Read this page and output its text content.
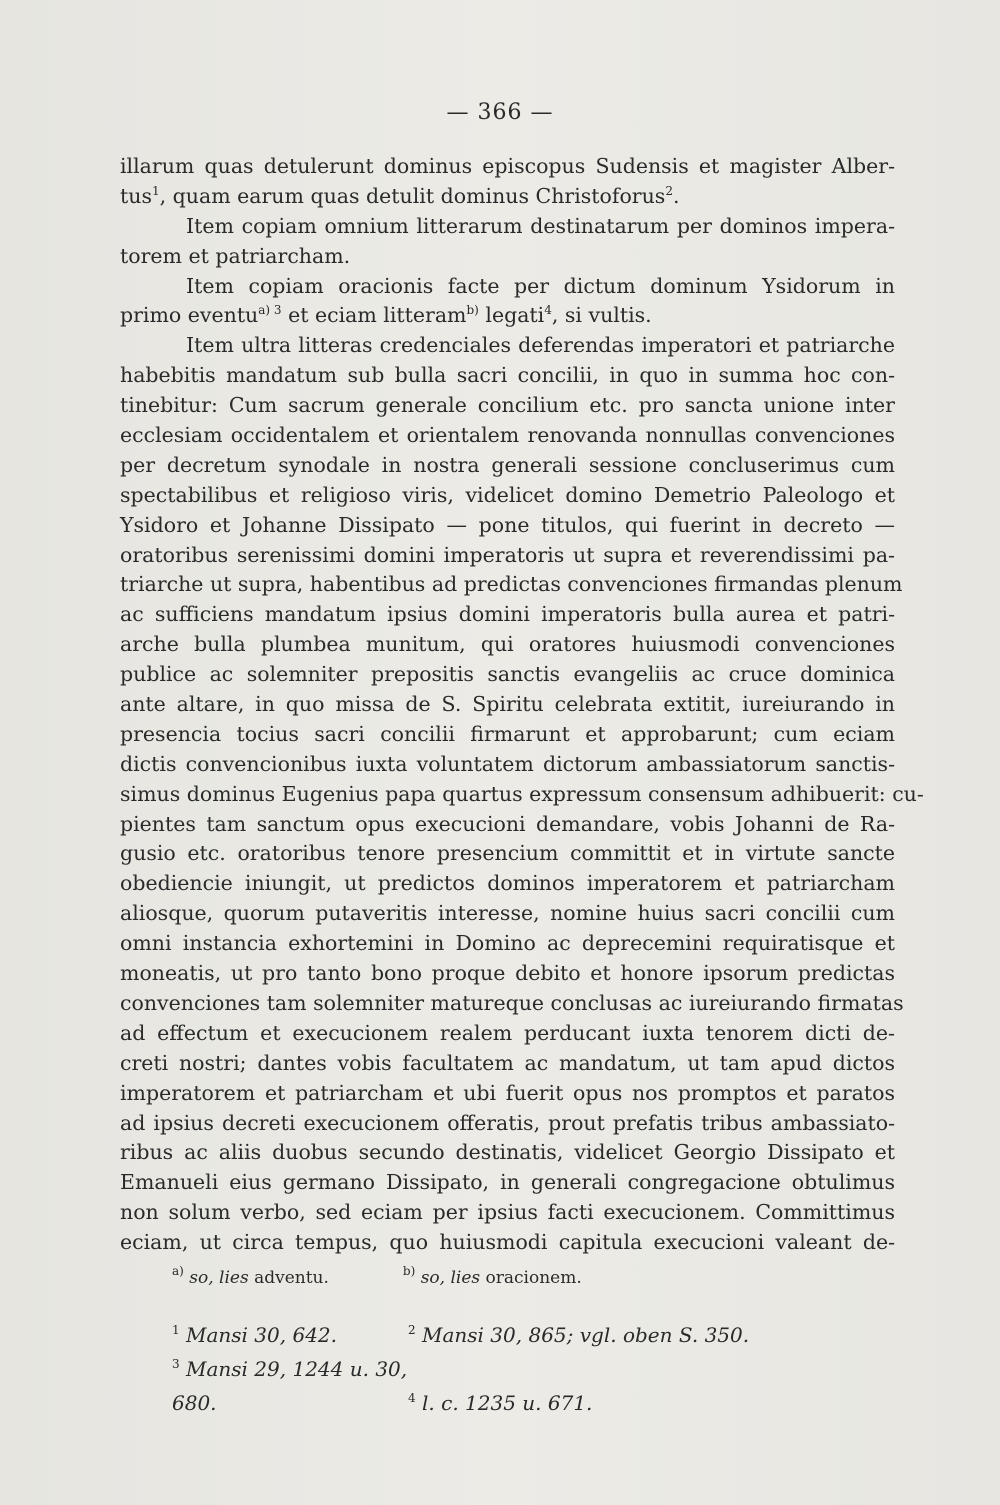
— 366 —
illarum quas detulerunt dominus episcopus Sudensis et magister Alber-
tus$^1$, quam earum quas detulit dominus Christoforus$^2$.
Item copiam omnium litterarum destinatarum per dominos impera-
torem et patriarcham.
Item copiam oracionis facte per dictum dominum Ysidorum in
primo eventu$^{a) 3}$ et eciam litteram$^{b)}$ legati$^4$, si vultis.
Item ultra litteras credenciales deferendas imperatori et patriarche
habebitis mandatum sub bulla sacri concilii, in quo in summa hoc con-
tinebitur: Cum sacrum generale concilium etc. pro sancta unione inter
ecclesiam occidentalem et orientalem renovanda nonnullas convenciones
per decretum synodale in nostra generali sessione concluserimus cum
spectabilibus et religioso viris, videlicet domino Demetrio Paleologo et
Ysidoro et Johanne Dissipato — pone titulos, qui fuerint in decreto —
oratoribus serenissimi domini imperatoris ut supra et reverendissimi pa-
triarche ut supra, habentibus ad predictas convenciones firmandas plenum
ac sufficiens mandatum ipsius domini imperatoris bulla aurea et patri-
arche bulla plumbea munitum, qui oratores huiusmodi convenciones
publice ac solemniter prepositis sanctis evangeliis ac cruce dominica
ante altare, in quo missa de S. Spiritu celebrata extitit, iureiurando in
presencia tocius sacri concilii firmarunt et approbarunt; cum eciam
dictis convencionibus iuxta voluntatem dictorum ambassiatorum sanctis-
simus dominus Eugenius papa quartus expressum consensum adhibuerit: cu-
pientes tam sanctum opus execucioni demandare, vobis Johanni de Ra-
gusio etc. oratoribus tenore presencium committit et in virtute sancte
obediencie iniungit, ut predictos dominos imperatorem et patriarcham
aliosque, quorum putaveritis interesse, nomine huius sacri concilii cum
omni instancia exhortemini in Domino ac deprecemini requiratisque et
moneatis, ut pro tanto bono proque debito et honore ipsorum predictas
convenciones tam solemniter matureque conclusas ac iureiurando firmatas
ad effectum et execucionem realem perducant iuxta tenorem dicti de-
creti nostri; dantes vobis facultatem ac mandatum, ut tam apud dictos
imperatorem et patriarcham et ubi fuerit opus nos promptos et paratos
ad ipsius decreti execucionem offeratis, prout prefatis tribus ambassiato-
ribus ac aliis duobus secundo destinatis, videlicet Georgio Dissipato et
Emanueli eius germano Dissipato, in generali congregacione obtulimus
non solum verbo, sed eciam per ipsius facti execucionem. Committimus
eciam, ut circa tempus, quo huiusmodi capitula execucioni valeant de-
$^{a)}$ so, lies adventu.	$^{b)}$ so, lies oracionem.
$^1$ Mansi 30, 642.	$^2$ Mansi 30, 865; vgl. oben S. 350.
$^3$ Mansi 29, 1244 u. 30, 680.	$^4$ l. c. 1235 u. 671.
